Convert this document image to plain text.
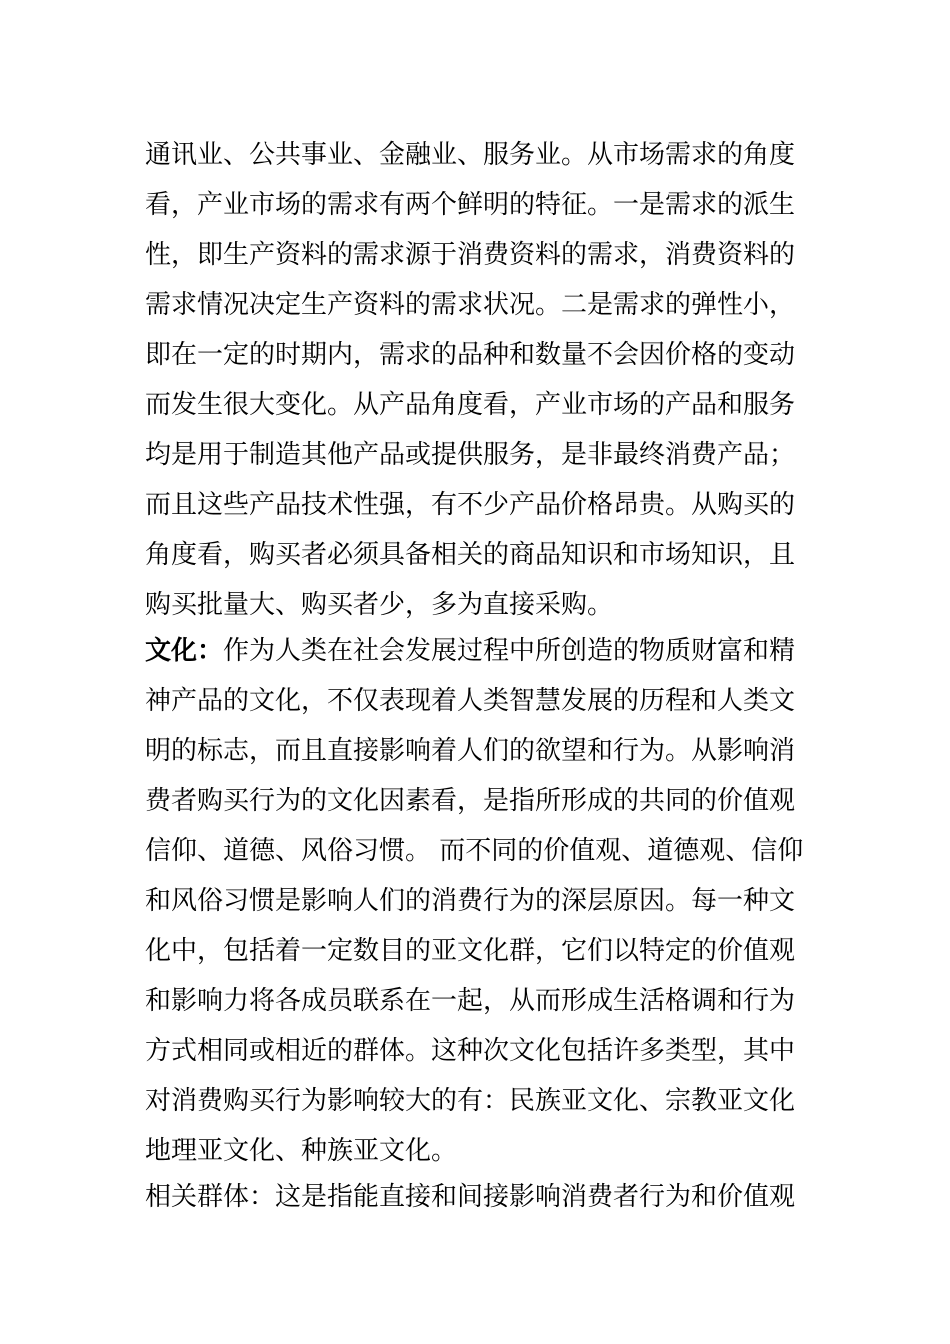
通讯业、公共事业、金融业、服务业。从市场需求的角度
看，产业市场的需求有两个鲜明的特征。一是需求的派生
性，即生产资料的需求源于消费资料的需求，消费资料的
需求情况决定生产资料的需求状况。二是需求的弹性小，
即在一定的时期内，需求的品种和数量不会因价格的变动
而发生很大变化。从产品角度看，产业市场的产品和服务
均是用于制造其他产品或提供服务，是非最终消费产品；
而且这些产品技术性强，有不少产品价格昂贵。从购买的
角度看，购买者必须具备相关的商品知识和市场知识，且
购买批量大、购买者少，多为直接采购。
文化：作为人类在社会发展过程中所创造的物质财富和精
神产品的文化，不仅表现着人类智慧发展的历程和人类文
明的标志，而且直接影响着人们的欲望和行为。从影响消
费者购买行为的文化因素看，是指所形成的共同的价值观
信仰、道德、风俗习惯。 而不同的价值观、道德观、信仰
和风俗习惯是影响人们的消费行为的深层原因。每一种文
化中，包括着一定数目的亚文化群，它们以特定的价值观
和影响力将各成员联系在一起，从而形成生活格调和行为
方式相同或相近的群体。这种次文化包括许多类型，其中
对消费购买行为影响较大的有：民族亚文化、宗教亚文化
地理亚文化、种族亚文化。
相关群体：这是指能直接和间接影响消费者行为和价值观
